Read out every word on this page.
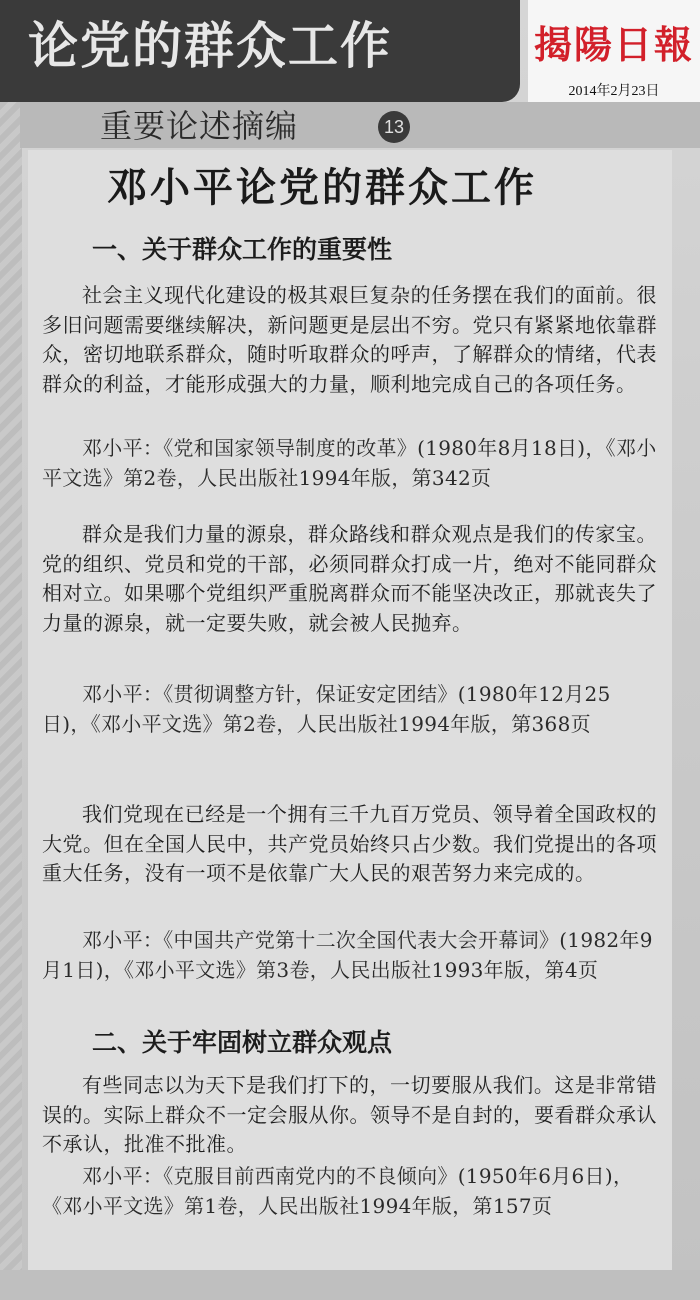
论党的群众工作	揭陽日報
2014年2月23日
重要论述摘编	13
邓小平论党的群众工作
一、关于群众工作的重要性
社会主义现代化建设的极其艰巨复杂的任务摆在我们的面前。很多旧问题需要继续解决，新问题更是层出不穷。党只有紧紧地依靠群众，密切地联系群众，随时听取群众的呼声，了解群众的情绪，代表群众的利益，才能形成强大的力量，顺利地完成自己的各项任务。
邓小平：《党和国家领导制度的改革》(1980年8月18日)，《邓小平文选》第2卷，人民出版社1994年版，第342页
群众是我们力量的源泉，群众路线和群众观点是我们的传家宝。党的组织、党员和党的干部，必须同群众打成一片，绝对不能同群众相对立。如果哪个党组织严重脱离群众而不能坚决改正，那就丧失了力量的源泉，就一定要失败，就会被人民抛弃。
邓小平：《贯彻调整方针，保证安定团结》(1980年12月25日)，《邓小平文选》第2卷，人民出版社1994年版，第368页
我们党现在已经是一个拥有三千九百万党员、领导着全国政权的大党。但在全国人民中，共产党员始终只占少数。我们党提出的各项重大任务，没有一项不是依靠广大人民的艰苦努力来完成的。
邓小平：《中国共产党第十二次全国代表大会开幕词》(1982年9月1日)，《邓小平文选》第3卷，人民出版社1993年版，第4页
二、关于牢固树立群众观点
有些同志以为天下是我们打下的，一切要服从我们。这是非常错误的。实际上群众不一定会服从你。领导不是自封的，要看群众承认不承认，批准不批准。
邓小平：《克服目前西南党内的不良倾向》(1950年6月6日)，《邓小平文选》第1卷，人民出版社1994年版，第157页
